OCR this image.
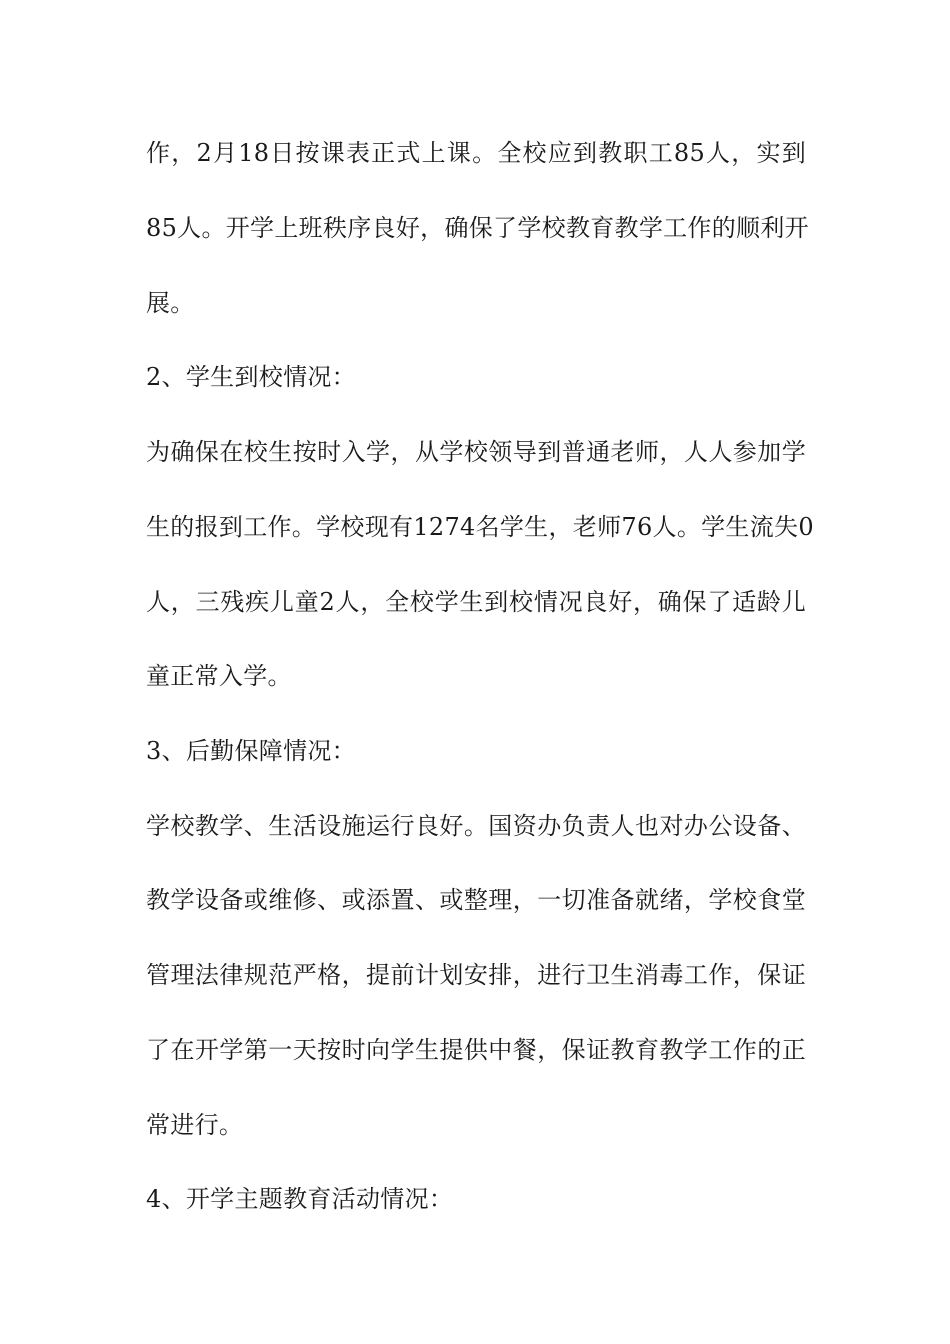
作，2月18日按课表正式上课。全校应到教职工85人，实到
85人。开学上班秩序良好，确保了学校教育教学工作的顺利开
展。
2、学生到校情况：
为确保在校生按时入学，从学校领导到普通老师，人人参加学
生的报到工作。学校现有1274名学生，老师76人。学生流失0
人，三残疾儿童2人，全校学生到校情况良好，确保了适龄儿
童正常入学。
3、后勤保障情况：
学校教学、生活设施运行良好。国资办负责人也对办公设备、
教学设备或维修、或添置、或整理，一切准备就绪，学校食堂
管理法律规范严格，提前计划安排，进行卫生消毒工作，保证
了在开学第一天按时向学生提供中餐，保证教育教学工作的正
常进行。
4、开学主题教育活动情况：
